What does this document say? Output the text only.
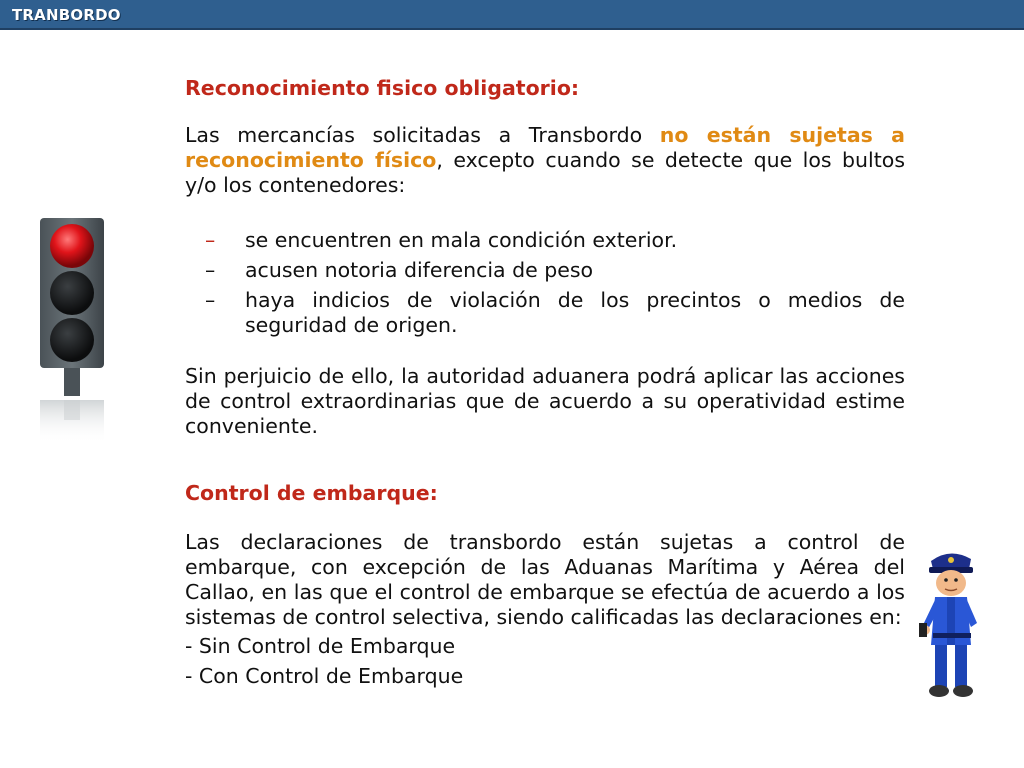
TRANBORDO

Reconocimiento fisico obligatorio:

Las mercancías solicitadas a Transbordo no están sujetas a reconocimiento físico, excepto cuando se detecte que los bultos y/o los contenedores:

– se encuentren en mala condición exterior.
– acusen notoria diferencia de peso
– haya indicios de violación de los precintos o medios de seguridad de origen.

Sin perjuicio de ello, la autoridad aduanera podrá aplicar las acciones de control extraordinarias que de acuerdo a su operatividad estime conveniente.

Control de embarque:

Las declaraciones de transbordo están sujetas a control de embarque, con excepción de las Aduanas Marítima y Aérea del Callao, en las que el control de embarque se efectúa de acuerdo a los sistemas de control selectiva, siendo calificadas las declaraciones en:

- Sin Control de Embarque

- Con Control de Embarque
